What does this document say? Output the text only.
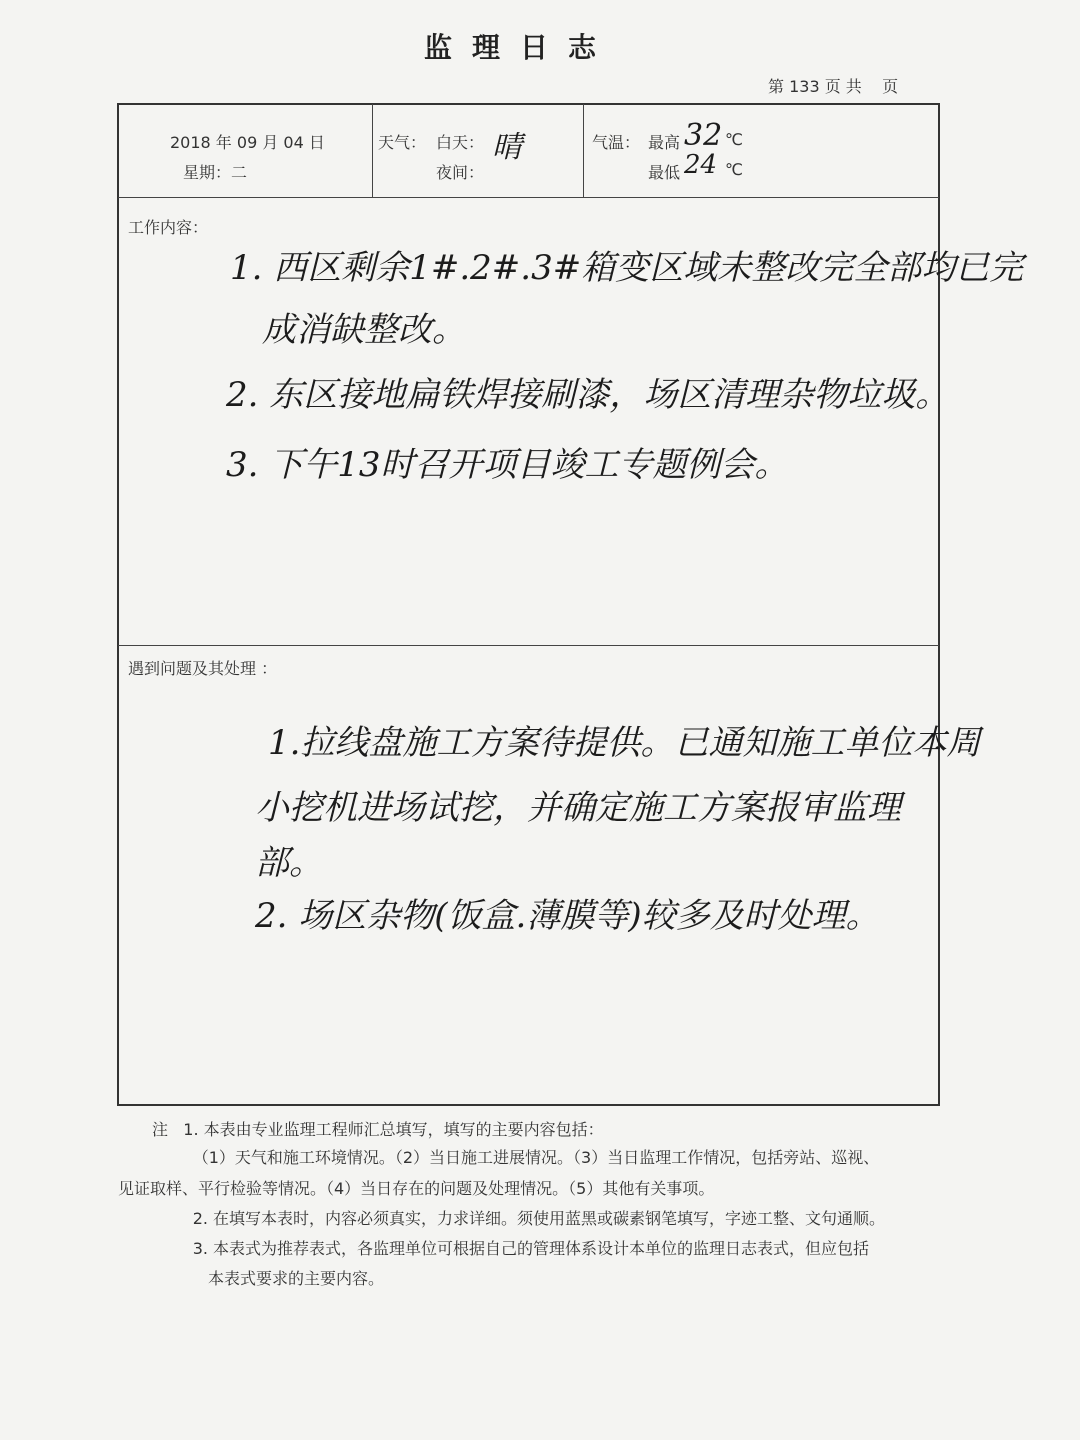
监理日志
第 133 页 共    页
2018 年 09 月 04 日
星期：二
天气： 白天： 晴
夜间：
气温： 最高 32 ℃
最低 24 ℃
工作内容：
1. 西区剩余1#.2#.3#箱变区域未整改完全部均已完
成消缺整改。
2. 东区接地扁铁焊接刷漆，场区清理杂物垃圾。
3. 下午13时召开项目竣工专题例会。
遇到问题及其处理 ：
1.拉线盘施工方案待提供。已通知施工单位本周
小挖机进场试挖，并确定施工方案报审监理
部。
2. 场区杂物(饭盒.薄膜等)较多及时处理。
注   1. 本表由专业监理工程师汇总填写，填写的主要内容包括：
（1）天气和施工环境情况。（2）当日施工进展情况。（3）当日监理工作情况，包括旁站、巡视、
见证取样、平行检验等情况。（4）当日存在的问题及处理情况。（5）其他有关事项。
2. 在填写本表时，内容必须真实，力求详细。须使用蓝黑或碳素钢笔填写，字迹工整、文句通顺。
3. 本表式为推荐表式，各监理单位可根据自己的管理体系设计本单位的监理日志表式，但应包括
本表式要求的主要内容。
